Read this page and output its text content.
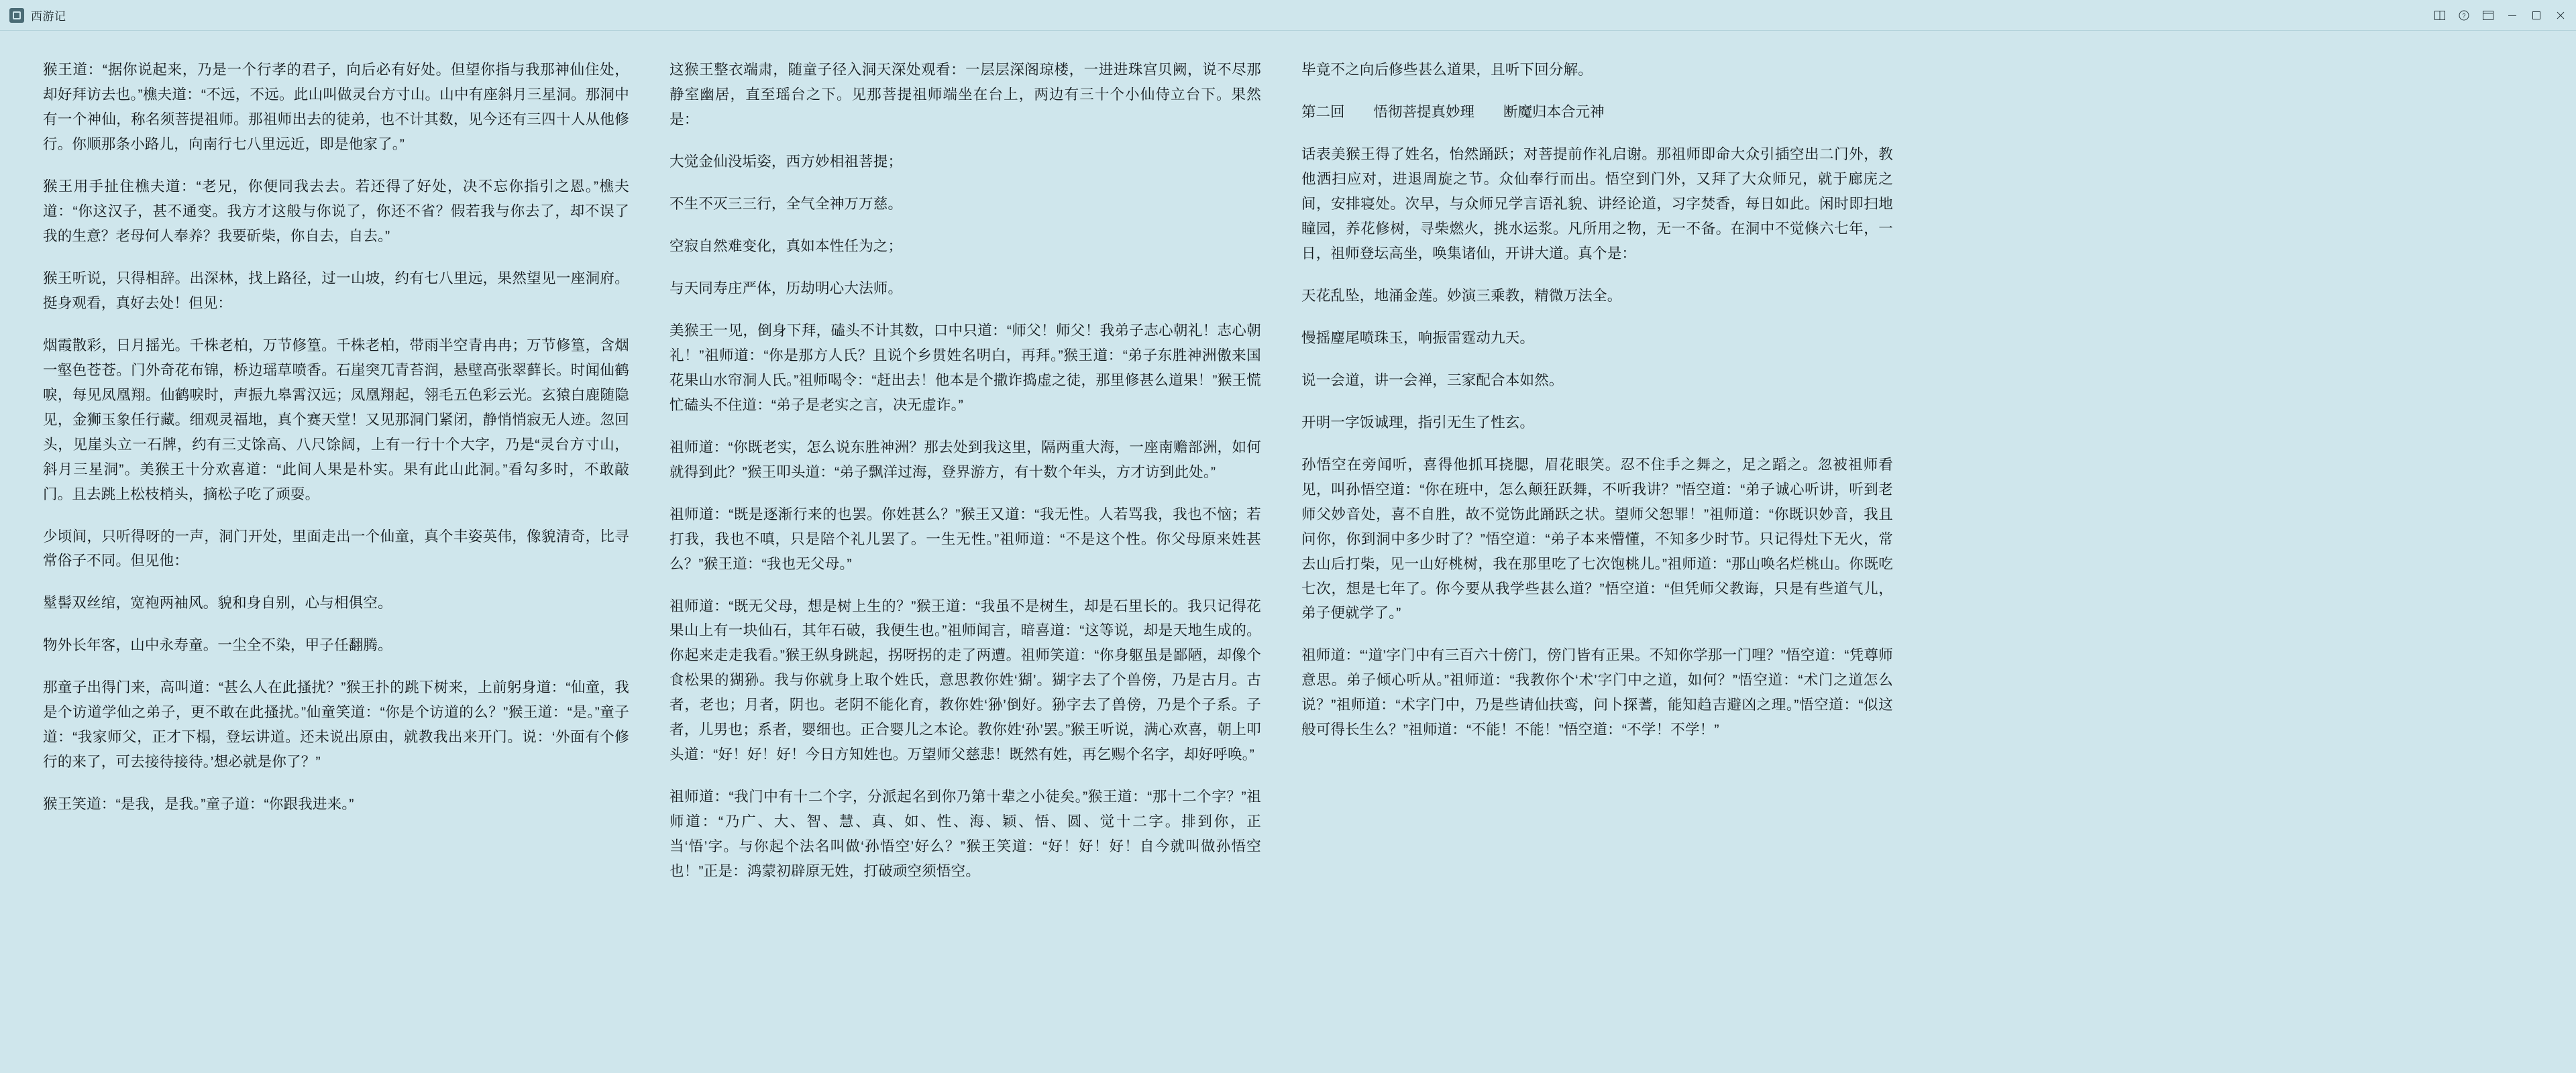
西游记	?

猴王道：“据你说起来，乃是一个行孝的君子，向后必有好处。但望你指与我那神仙住处，却好拜访去也。”樵夫道：“不远，不远。此山叫做灵台方寸山。山中有座斜月三星洞。那洞中有一个神仙，称名须菩提祖师。那祖师出去的徒弟，也不计其数，见今还有三四十人从他修行。你顺那条小路儿，向南行七八里远近，即是他家了。”

猴王用手扯住樵夫道：“老兄，你便同我去去。若还得了好处，决不忘你指引之恩。”樵夫道：“你这汉子，甚不通变。我方才这般与你说了，你还不省？假若我与你去了，却不误了我的生意？老母何人奉养？我要斫柴，你自去，自去。”

猴王听说，只得相辞。出深林，找上路径，过一山坡，约有七八里远，果然望见一座洞府。挺身观看，真好去处！但见：

烟霞散彩，日月摇光。千株老柏，万节修篁。千株老柏，带雨半空青冉冉；万节修篁，含烟一壑色苍苍。门外奇花布锦，桥边瑶草喷香。石崖突兀青苔润，悬壁高张翠藓长。时闻仙鹤唳，每见凤凰翔。仙鹤唳时，声振九皋霄汉远；凤凰翔起，翎毛五色彩云光。玄猿白鹿随隐见，金狮玉象任行藏。细观灵福地，真个赛天堂！又见那洞门紧闭，静悄悄寂无人迹。忽回头，见崖头立一石牌，约有三丈馀高、八尺馀阔，上有一行十个大字，乃是“灵台方寸山，斜月三星洞”。美猴王十分欢喜道：“此间人果是朴实。果有此山此洞。”看勾多时，不敢敲门。且去跳上松枝梢头，摘松子吃了顽耍。

少顷间，只听得呀的一声，洞门开处，里面走出一个仙童，真个丰姿英伟，像貌清奇，比寻常俗子不同。但见他：

髽髻双丝绾，宽袍两袖风。貌和身自别，心与相俱空。

物外长年客，山中永寿童。一尘全不染，甲子任翻腾。

那童子出得门来，高叫道：“甚么人在此搔扰？”猴王扑的跳下树来，上前躬身道：“仙童，我是个访道学仙之弟子，更不敢在此搔扰。”仙童笑道：“你是个访道的么？”猴王道：“是。”童子道：“我家师父，正才下榻，登坛讲道。还未说出原由，就教我出来开门。说：‘外面有个修行的来了，可去接待接待。’想必就是你了？”

猴王笑道：“是我，是我。”童子道：“你跟我进来。”

这猴王整衣端肃，随童子径入洞天深处观看：一层层深阁琼楼，一进进珠宫贝阙，说不尽那静室幽居，直至瑶台之下。见那菩提祖师端坐在台上，两边有三十个小仙侍立台下。果然是：

大觉金仙没垢姿，西方妙相祖菩提；

不生不灭三三行，全气全神万万慈。

空寂自然难变化，真如本性任为之；

与天同寿庄严体，历劫明心大法师。

美猴王一见，倒身下拜，磕头不计其数，口中只道：“师父！师父！我弟子志心朝礼！志心朝礼！”祖师道：“你是那方人氏？且说个乡贯姓名明白，再拜。”猴王道：“弟子东胜神洲傲来国花果山水帘洞人氏。”祖师喝令：“赶出去！他本是个撒诈捣虚之徒，那里修甚么道果！”猴王慌忙磕头不住道：“弟子是老实之言，决无虚诈。”

祖师道：“你既老实，怎么说东胜神洲？那去处到我这里，隔两重大海，一座南赡部洲，如何就得到此？”猴王叩头道：“弟子飘洋过海，登界游方，有十数个年头，方才访到此处。”

祖师道：“既是逐渐行来的也罢。你姓甚么？”猴王又道：“我无性。人若骂我，我也不恼；若打我，我也不嗔，只是陪个礼儿罢了。一生无性。”祖师道：“不是这个性。你父母原来姓甚么？”猴王道：“我也无父母。”

祖师道：“既无父母，想是树上生的？”猴王道：“我虽不是树生，却是石里长的。我只记得花果山上有一块仙石，其年石破，我便生也。”祖师闻言，暗喜道：“这等说，却是天地生成的。你起来走走我看。”猴王纵身跳起，拐呀拐的走了两遭。祖师笑道：“你身躯虽是鄙陋，却像个食松果的猢狲。我与你就身上取个姓氏，意思教你姓‘猢’。猢字去了个兽傍，乃是古月。古者，老也；月者，阴也。老阴不能化育，教你姓‘狲’倒好。狲字去了兽傍，乃是个子系。子者，儿男也；系者，婴细也。正合婴儿之本论。教你姓‘孙’罢。”猴王听说，满心欢喜，朝上叩头道：“好！好！好！今日方知姓也。万望师父慈悲！既然有姓，再乞赐个名字，却好呼唤。”

祖师道：“我门中有十二个字，分派起名到你乃第十辈之小徒矣。”猴王道：“那十二个字？”祖师道：“乃广、大、智、慧、真、如、性、海、颖、悟、圆、觉十二字。排到你，正当‘悟’字。与你起个法名叫做‘孙悟空’好么？”猴王笑道：“好！好！好！自今就叫做孙悟空也！”正是：鸿蒙初辟原无姓，打破顽空须悟空。

毕竟不之向后修些甚么道果，且听下回分解。

第二回　　悟彻菩提真妙理　　断魔归本合元神

话表美猴王得了姓名，怡然踊跃；对菩提前作礼启谢。那祖师即命大众引插空出二门外，教他洒扫应对，进退周旋之节。众仙奉行而出。悟空到门外，又拜了大众师兄，就于廊庑之间，安排寝处。次早，与众师兄学言语礼貌、讲经论道，习字焚香，每日如此。闲时即扫地瞳园，养花修树，寻柴燃火，挑水运浆。凡所用之物，无一不备。在洞中不觉倏六七年，一日，祖师登坛高坐，唤集诸仙，开讲大道。真个是：

天花乱坠，地涌金莲。妙演三乘教，精微万法全。

慢摇麈尾喷珠玉，响振雷霆动九天。

说一会道，讲一会禅，三家配合本如然。

开明一字饭诚理，指引无生了性玄。

孙悟空在旁闻听，喜得他抓耳挠腮，眉花眼笑。忍不住手之舞之，足之蹈之。忽被祖师看见，叫孙悟空道：“你在班中，怎么颠狂跃舞，不听我讲？”悟空道：“弟子诚心听讲，听到老师父妙音处，喜不自胜，故不觉饬此踊跃之状。望师父恕罪！”祖师道：“你既识妙音，我且问你，你到洞中多少时了？”悟空道：“弟子本来懵懂，不知多少时节。只记得灶下无火，常去山后打柴，见一山好桃树，我在那里吃了七次饱桃儿。”祖师道：“那山唤名烂桃山。你既吃七次，想是七年了。你今要从我学些甚么道？”悟空道：“但凭师父教诲，只是有些道气儿，弟子便就学了。”

祖师道：“‘道’字门中有三百六十傍门，傍门皆有正果。不知你学那一门哩？”悟空道：“凭尊师意思。弟子倾心听从。”祖师道：“我教你个‘术’字门中之道，如何？”悟空道：“术门之道怎么说？”祖师道：“术字门中，乃是些请仙扶鸾，问卜探蓍，能知趋吉避凶之理。”悟空道：“似这般可得长生么？”祖师道：“不能！不能！”悟空道：“不学！不学！”
